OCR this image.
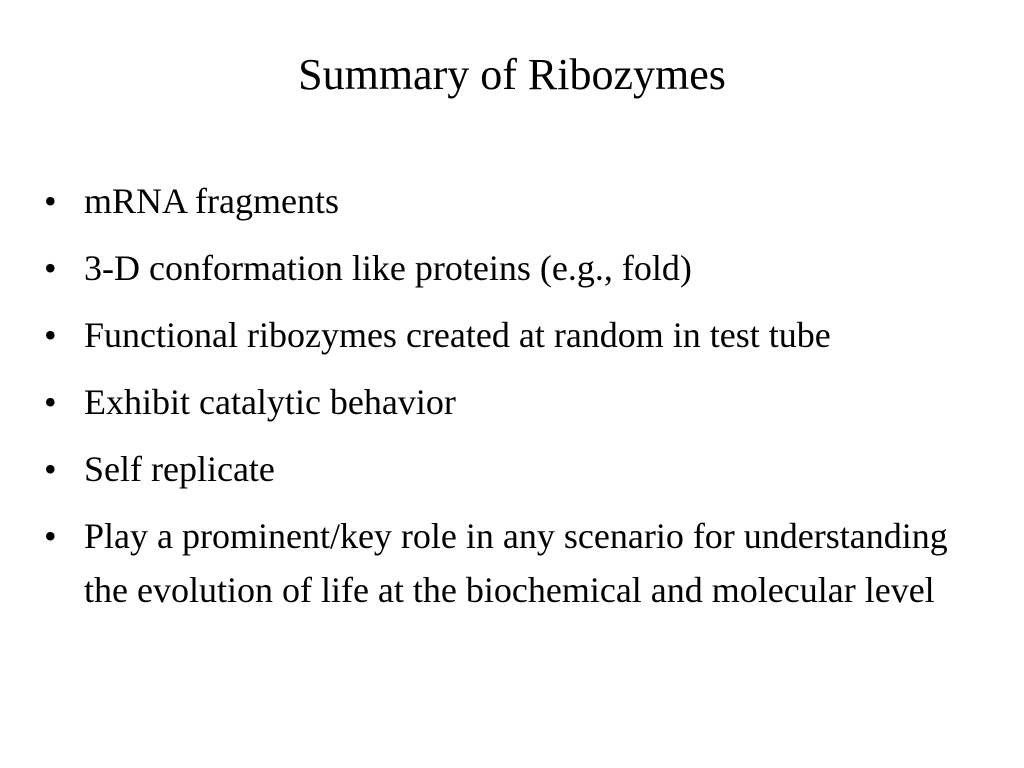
Summary of Ribozymes
• mRNA fragments
• 3-D conformation like proteins (e.g., fold)
• Functional ribozymes created at random in test tube
• Exhibit catalytic behavior
• Self replicate
• Play a prominent/key role in any scenario for understanding the evolution of life at the biochemical and molecular level
